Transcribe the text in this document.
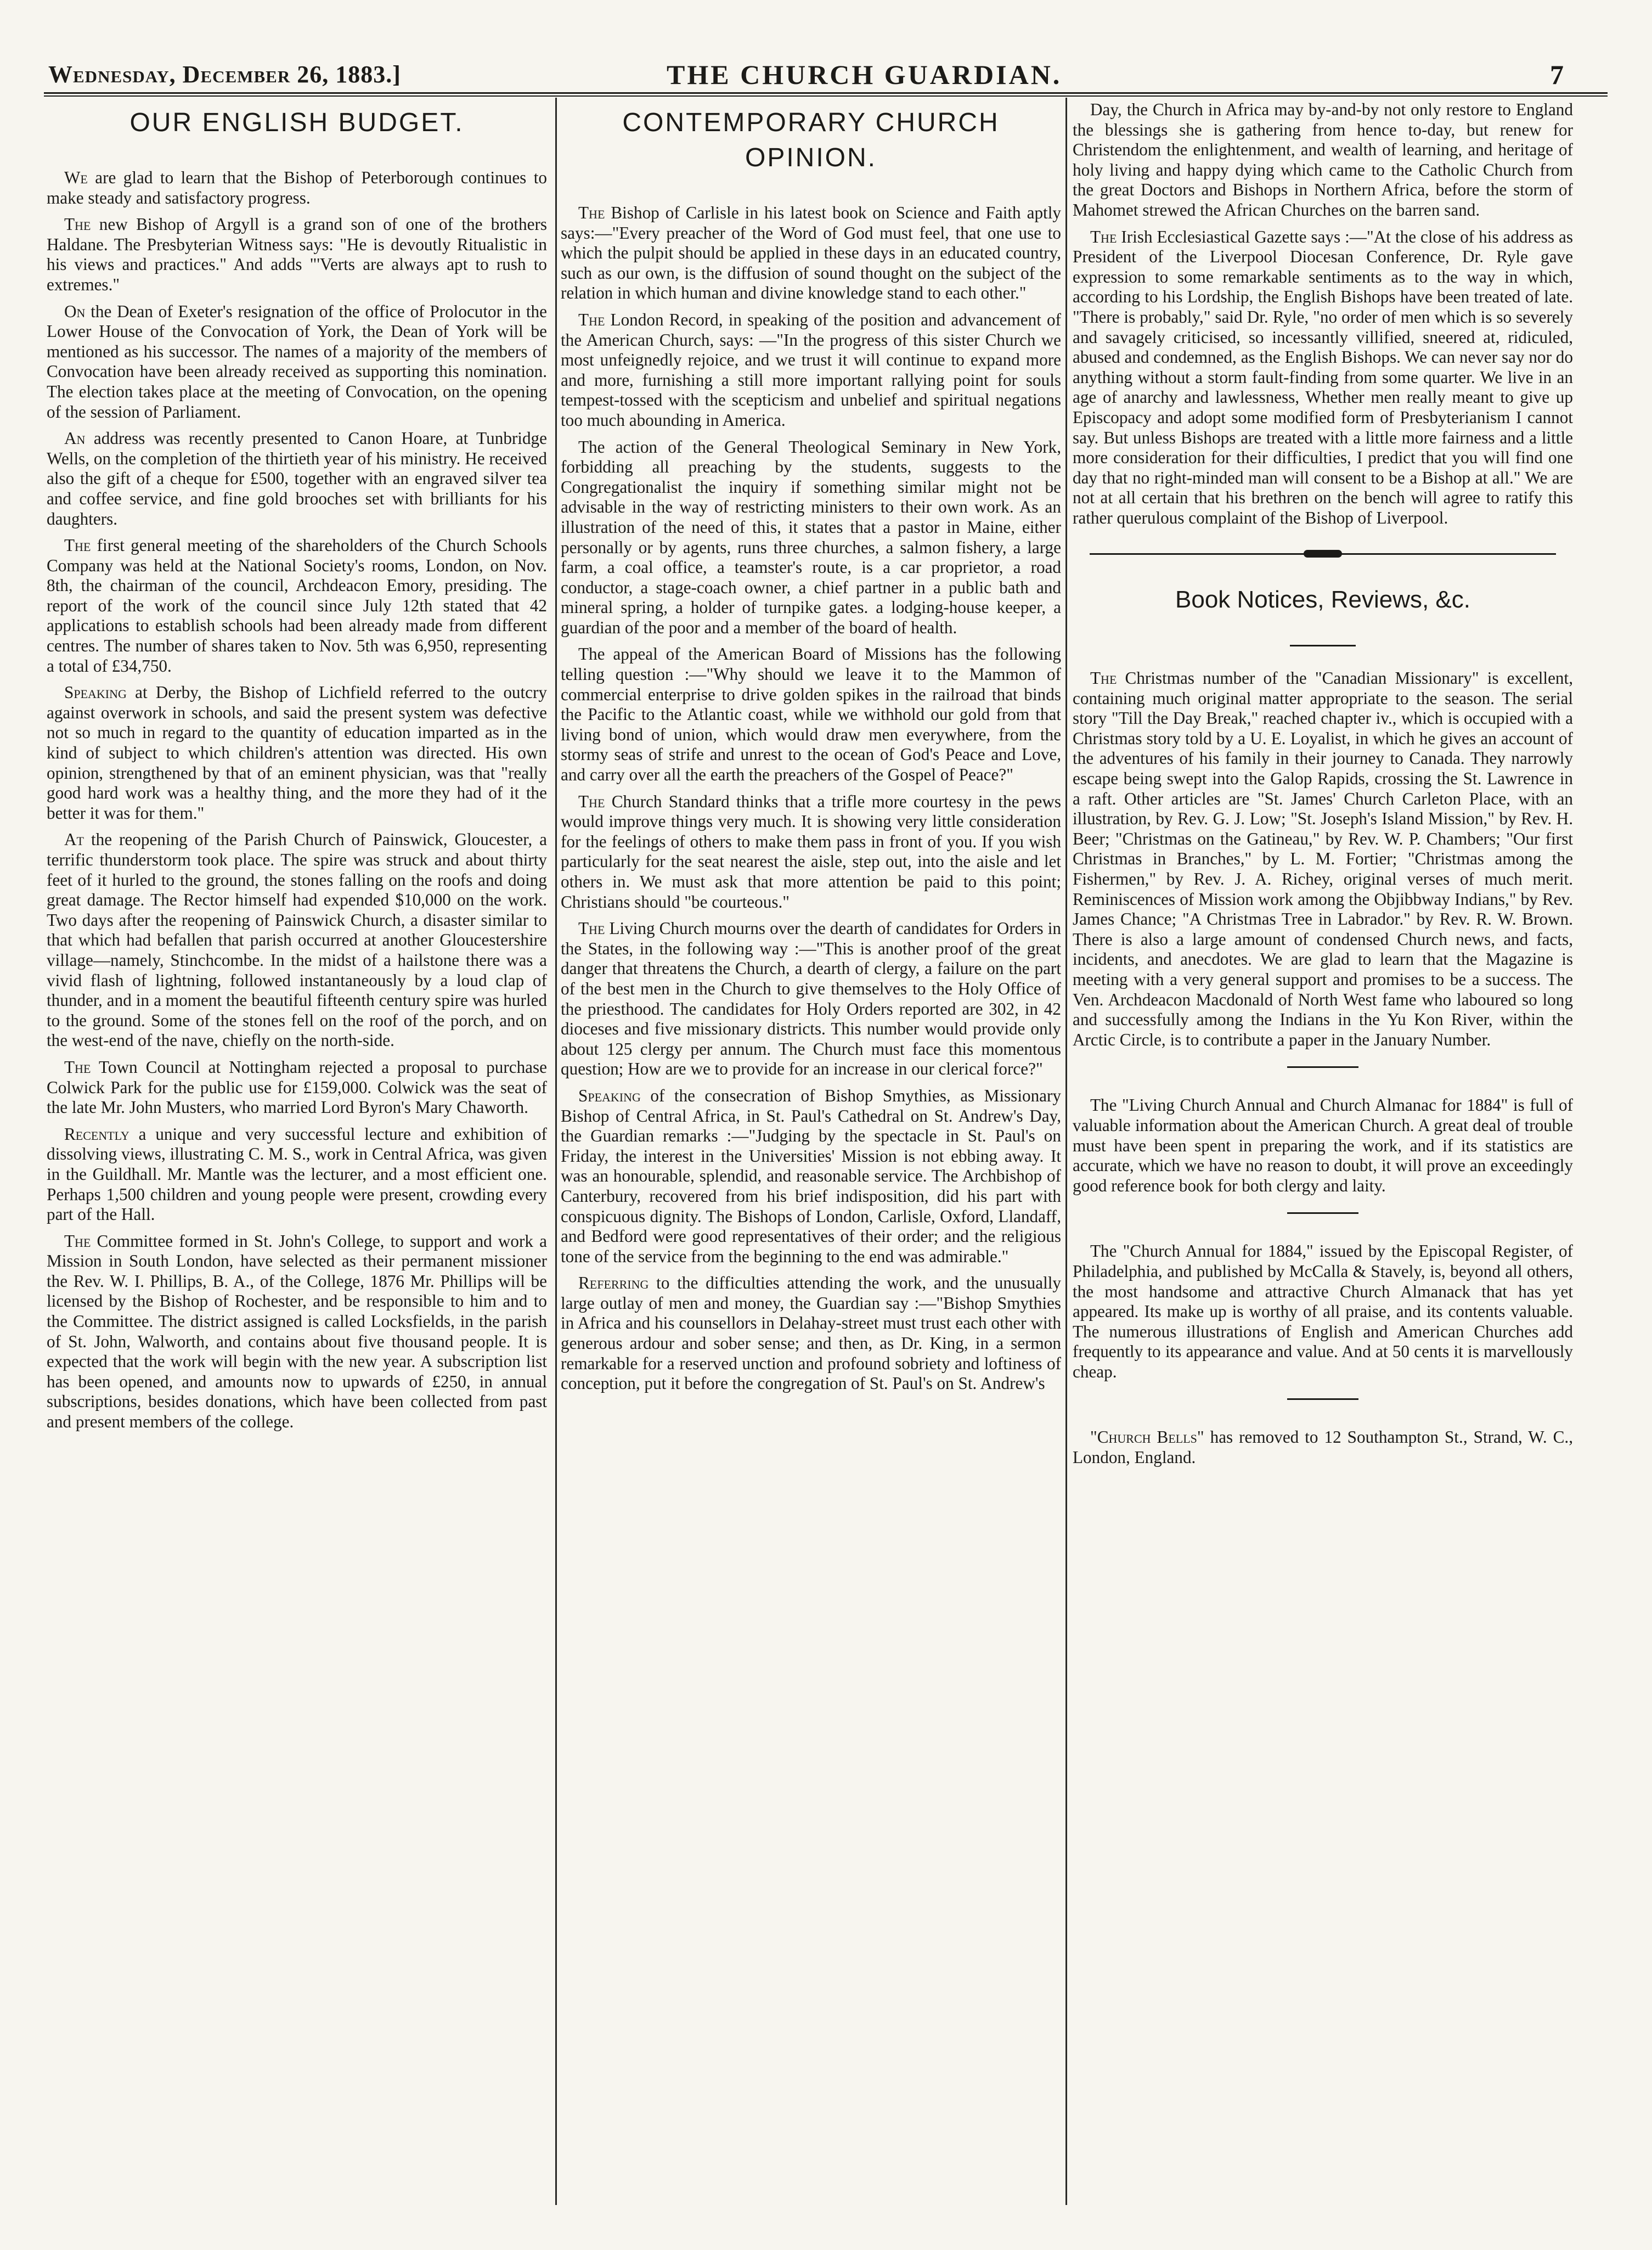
Wednesday, December 26, 1883.]	THE CHURCH GUARDIAN.	7
OUR ENGLISH BUDGET.

We are glad to learn that the Bishop of Peterborough continues to make steady and satisfactory progress.

The new Bishop of Argyll is a grand son of one of the brothers Haldane. The Presbyterian Witness says: "He is devoutly Ritualistic in his views and practices." And adds "'Verts are always apt to rush to extremes."

On the Dean of Exeter's resignation of the office of Prolocutor in the Lower House of the Convocation of York, the Dean of York will be mentioned as his successor. The names of a majority of the members of Convocation have been already received as supporting this nomination. The election takes place at the meeting of Convocation, on the opening of the session of Parliament.

An address was recently presented to Canon Hoare, at Tunbridge Wells, on the completion of the thirtieth year of his ministry. He received also the gift of a cheque for £500, together with an engraved silver tea and coffee service, and fine gold brooches set with brilliants for his daughters.

The first general meeting of the shareholders of the Church Schools Company was held at the National Society's rooms, London, on Nov. 8th, the chairman of the council, Archdeacon Emory, presiding. The report of the work of the council since July 12th stated that 42 applications to establish schools had been already made from different centres. The number of shares taken to Nov. 5th was 6,950, representing a total of £34,750.

Speaking at Derby, the Bishop of Lichfield referred to the outcry against overwork in schools, and said the present system was defective not so much in regard to the quantity of education imparted as in the kind of subject to which children's attention was directed. His own opinion, strengthened by that of an eminent physician, was that "really good hard work was a healthy thing, and the more they had of it the better it was for them."

At the reopening of the Parish Church of Painswick, Gloucester, a terrific thunderstorm took place. The spire was struck and about thirty feet of it hurled to the ground, the stones falling on the roofs and doing great damage. The Rector himself had expended $10,000 on the work. Two days after the reopening of Painswick Church, a disaster similar to that which had befallen that parish occurred at another Gloucestershire village—namely, Stinchcombe. In the midst of a hailstone there was a vivid flash of lightning, followed instantaneously by a loud clap of thunder, and in a moment the beautiful fifteenth century spire was hurled to the ground. Some of the stones fell on the roof of the porch, and on the west-end of the nave, chiefly on the north-side.

The Town Council at Nottingham rejected a proposal to purchase Colwick Park for the public use for £159,000. Colwick was the seat of the late Mr. John Musters, who married Lord Byron's Mary Chaworth.

Recently a unique and very successful lecture and exhibition of dissolving views, illustrating C. M. S., work in Central Africa, was given in the Guildhall. Mr. Mantle was the lecturer, and a most efficient one. Perhaps 1,500 children and young people were present, crowding every part of the Hall.

The Committee formed in St. John's College, to support and work a Mission in South London, have selected as their permanent missioner the Rev. W. I. Phillips, B. A., of the College, 1876 Mr. Phillips will be licensed by the Bishop of Rochester, and be responsible to him and to the Committee. The district assigned is called Locksfields, in the parish of St. John, Walworth, and contains about five thousand people. It is expected that the work will begin with the new year. A subscription list has been opened, and amounts now to upwards of £250, in annual subscriptions, besides donations, which have been collected from past and present members of the college.

CONTEMPORARY CHURCH OPINION.

The Bishop of Carlisle in his latest book on Science and Faith aptly says:—"Every preacher of the Word of God must feel, that one use to which the pulpit should be applied in these days in an educated country, such as our own, is the diffusion of sound thought on the subject of the relation in which human and divine knowledge stand to each other."

The London Record, in speaking of the position and advancement of the American Church, says: —"In the progress of this sister Church we most unfeignedly rejoice, and we trust it will continue to expand more and more, furnishing a still more important rallying point for souls tempest-tossed with the scepticism and unbelief and spiritual negations too much abounding in America.

The action of the General Theological Seminary in New York, forbidding all preaching by the students, suggests to the Congregationalist the inquiry if something similar might not be advisable in the way of restricting ministers to their own work. As an illustration of the need of this, it states that a pastor in Maine, either personally or by agents, runs three churches, a salmon fishery, a large farm, a coal office, a teamster's route, is a car proprietor, a road conductor, a stage-coach owner, a chief partner in a public bath and mineral spring, a holder of turnpike gates. a lodging-house keeper, a guardian of the poor and a member of the board of health.

The appeal of the American Board of Missions has the following telling question :—"Why should we leave it to the Mammon of commercial enterprise to drive golden spikes in the railroad that binds the Pacific to the Atlantic coast, while we withhold our gold from that living bond of union, which would draw men everywhere, from the stormy seas of strife and unrest to the ocean of God's Peace and Love, and carry over all the earth the preachers of the Gospel of Peace?"

The Church Standard thinks that a trifle more courtesy in the pews would improve things very much. It is showing very little consideration for the feelings of others to make them pass in front of you. If you wish particularly for the seat nearest the aisle, step out, into the aisle and let others in. We must ask that more attention be paid to this point; Christians should "be courteous."

The Living Church mourns over the dearth of candidates for Orders in the States, in the following way :—"This is another proof of the great danger that threatens the Church, a dearth of clergy, a failure on the part of the best men in the Church to give themselves to the Holy Office of the priesthood. The candidates for Holy Orders reported are 302, in 42 dioceses and five missionary districts. This number would provide only about 125 clergy per annum. The Church must face this momentous question; How are we to provide for an increase in our clerical force?"

Speaking of the consecration of Bishop Smythies, as Missionary Bishop of Central Africa, in St. Paul's Cathedral on St. Andrew's Day, the Guardian remarks :—"Judging by the spectacle in St. Paul's on Friday, the interest in the Universities' Mission is not ebbing away. It was an honourable, splendid, and reasonable service. The Archbishop of Canterbury, recovered from his brief indisposition, did his part with conspicuous dignity. The Bishops of London, Carlisle, Oxford, Llandaff, and Bedford were good representatives of their order; and the religious tone of the service from the beginning to the end was admirable."

Referring to the difficulties attending the work, and the unusually large outlay of men and money, the Guardian say :—"Bishop Smythies in Africa and his counsellors in Delahay-street must trust each other with generous ardour and sober sense; and then, as Dr. King, in a sermon remarkable for a reserved unction and profound sobriety and loftiness of conception, put it before the congregation of St. Paul's on St. Andrew's

Day, the Church in Africa may by-and-by not only restore to England the blessings she is gathering from hence to-day, but renew for Christendom the enlightenment, and wealth of learning, and heritage of holy living and happy dying which came to the Catholic Church from the great Doctors and Bishops in Northern Africa, before the storm of Mahomet strewed the African Churches on the barren sand.

The Irish Ecclesiastical Gazette says :—"At the close of his address as President of the Liverpool Diocesan Conference, Dr. Ryle gave expression to some remarkable sentiments as to the way in which, according to his Lordship, the English Bishops have been treated of late. "There is probably," said Dr. Ryle, "no order of men which is so severely and savagely criticised, so incessantly villified, sneered at, ridiculed, abused and condemned, as the English Bishops. We can never say nor do anything without a storm fault-finding from some quarter. We live in an age of anarchy and lawlessness, Whether men really meant to give up Episcopacy and adopt some modified form of Presbyterianism I cannot say. But unless Bishops are treated with a little more fairness and a little more consideration for their difficulties, I predict that you will find one day that no right-minded man will consent to be a Bishop at all." We are not at all certain that his brethren on the bench will agree to ratify this rather querulous complaint of the Bishop of Liverpool.

Book Notices, Reviews, &c.

The Christmas number of the "Canadian Missionary" is excellent, containing much original matter appropriate to the season. The serial story "Till the Day Break," reached chapter iv., which is occupied with a Christmas story told by a U. E. Loyalist, in which he gives an account of the adventures of his family in their journey to Canada. They narrowly escape being swept into the Galop Rapids, crossing the St. Lawrence in a raft. Other articles are "St. James' Church Carleton Place, with an illustration, by Rev. G. J. Low; "St. Joseph's Island Mission," by Rev. H. Beer; "Christmas on the Gatineau," by Rev. W. P. Chambers; "Our first Christmas in Branches," by L. M. Fortier; "Christmas among the Fishermen," by Rev. J. A. Richey, original verses of much merit. Reminiscences of Mission work among the Objibbway Indians," by Rev. James Chance; "A Christmas Tree in Labrador." by Rev. R. W. Brown. There is also a large amount of condensed Church news, and facts, incidents, and anecdotes. We are glad to learn that the Magazine is meeting with a very general support and promises to be a success. The Ven. Archdeacon Macdonald of North West fame who laboured so long and successfully among the Indians in the Yu Kon River, within the Arctic Circle, is to contribute a paper in the January Number.

The "Living Church Annual and Church Almanac for 1884" is full of valuable information about the American Church. A great deal of trouble must have been spent in preparing the work, and if its statistics are accurate, which we have no reason to doubt, it will prove an exceedingly good reference book for both clergy and laity.

The "Church Annual for 1884," issued by the Episcopal Register, of Philadelphia, and published by McCalla & Stavely, is, beyond all others, the most handsome and attractive Church Almanack that has yet appeared. Its make up is worthy of all praise, and its contents valuable. The numerous illustrations of English and American Churches add frequently to its appearance and value. And at 50 cents it is marvellously cheap.

"Church Bells" has removed to 12 Southampton St., Strand, W. C., London, England.
